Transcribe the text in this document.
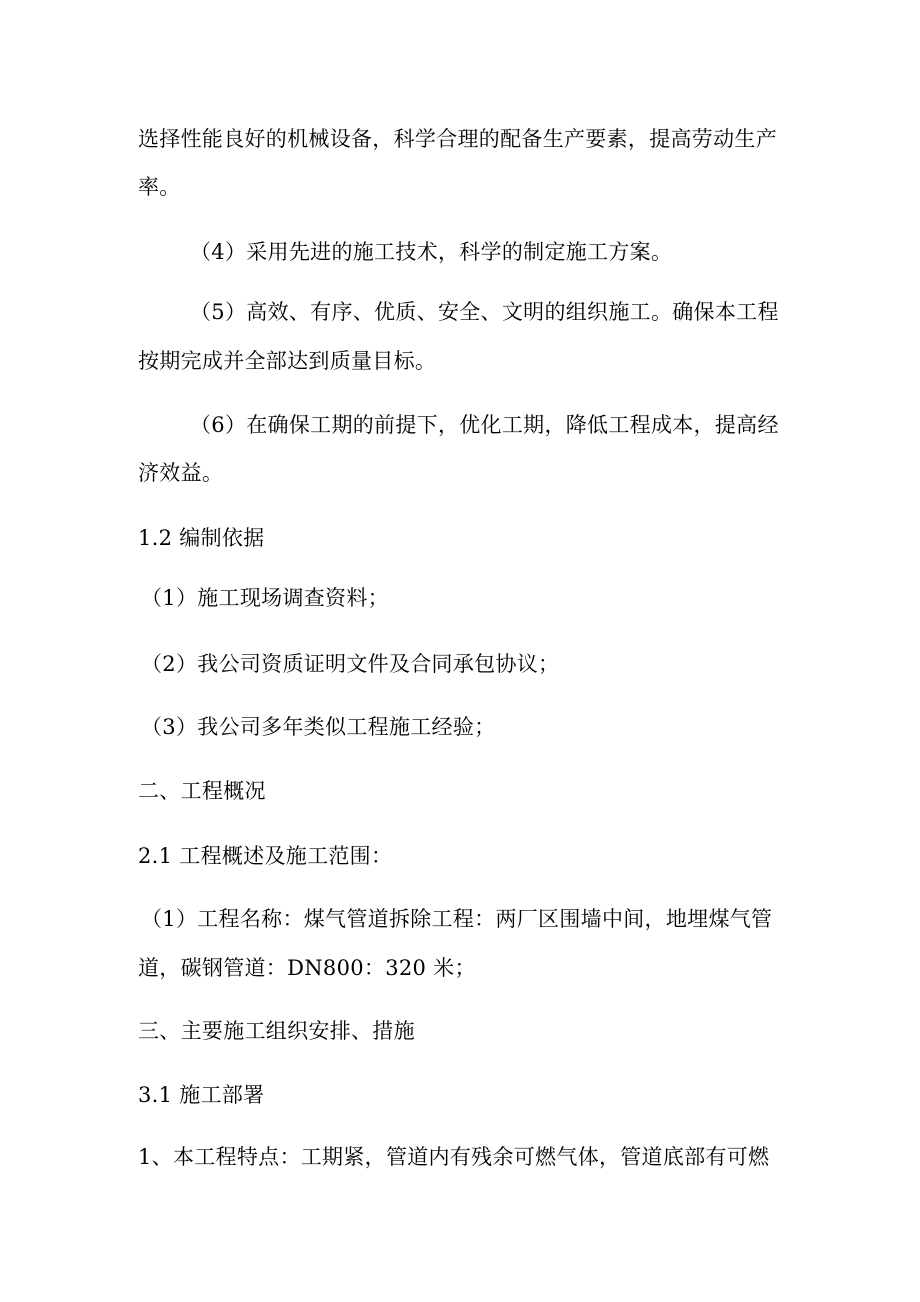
选择性能良好的机械设备，科学合理的配备生产要素，提高劳动生产
率。
（4）采用先进的施工技术，科学的制定施工方案。
（5）高效、有序、优质、安全、文明的组织施工。确保本工程
按期完成并全部达到质量目标。
（6）在确保工期的前提下，优化工期，降低工程成本，提高经
济效益。
1.2 编制依据
（1）施工现场调查资料；
（2）我公司资质证明文件及合同承包协议；
（3）我公司多年类似工程施工经验；
二、工程概况
2.1 工程概述及施工范围：
（1）工程名称：煤气管道拆除工程：两厂区围墙中间，地埋煤气管
道，碳钢管道：DN800：320 米；
三、主要施工组织安排、措施
3.1 施工部署
1、本工程特点：工期紧，管道内有残余可燃气体，管道底部有可燃
